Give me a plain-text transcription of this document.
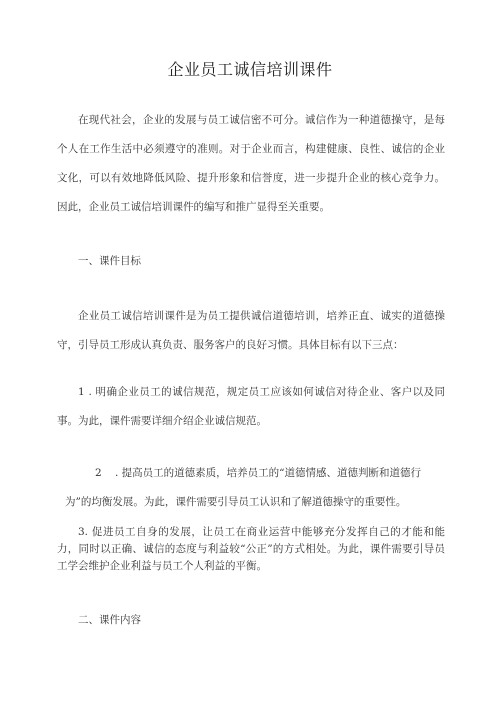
企业员工诚信培训课件

在现代社会，企业的发展与员工诚信密不可分。诚信作为一种道德操守，是每个人在工作生活中必须遵守的准则。对于企业而言，构建健康、良性、诚信的企业文化，可以有效地降低风险、提升形象和信誉度，进一步提升企业的核心竞争力。因此，企业员工诚信培训课件的编写和推广显得至关重要。

一、课件目标

企业员工诚信培训课件是为员工提供诚信道德培训，培养正直、诚实的道德操守，引导员工形成认真负责、服务客户的良好习惯。具体目标有以下三点：

1 . 明确企业员工的诚信规范，规定员工应该如何诚信对待企业、客户以及同事。为此，课件需要详细介绍企业诚信规范。

2 . 提高员工的道德素质，培养员工的“道德情感、道德判断和道德行

为”的均衡发展。为此，课件需要引导员工认识和了解道德操守的重要性。

3. 促进员工自身的发展，让员工在商业运营中能够充分发挥自己的才能和能力，同时以正确、诚信的态度与利益较“公正”的方式相处。为此，课件需要引导员工学会维护企业利益与员工个人利益的平衡。

二、课件内容
